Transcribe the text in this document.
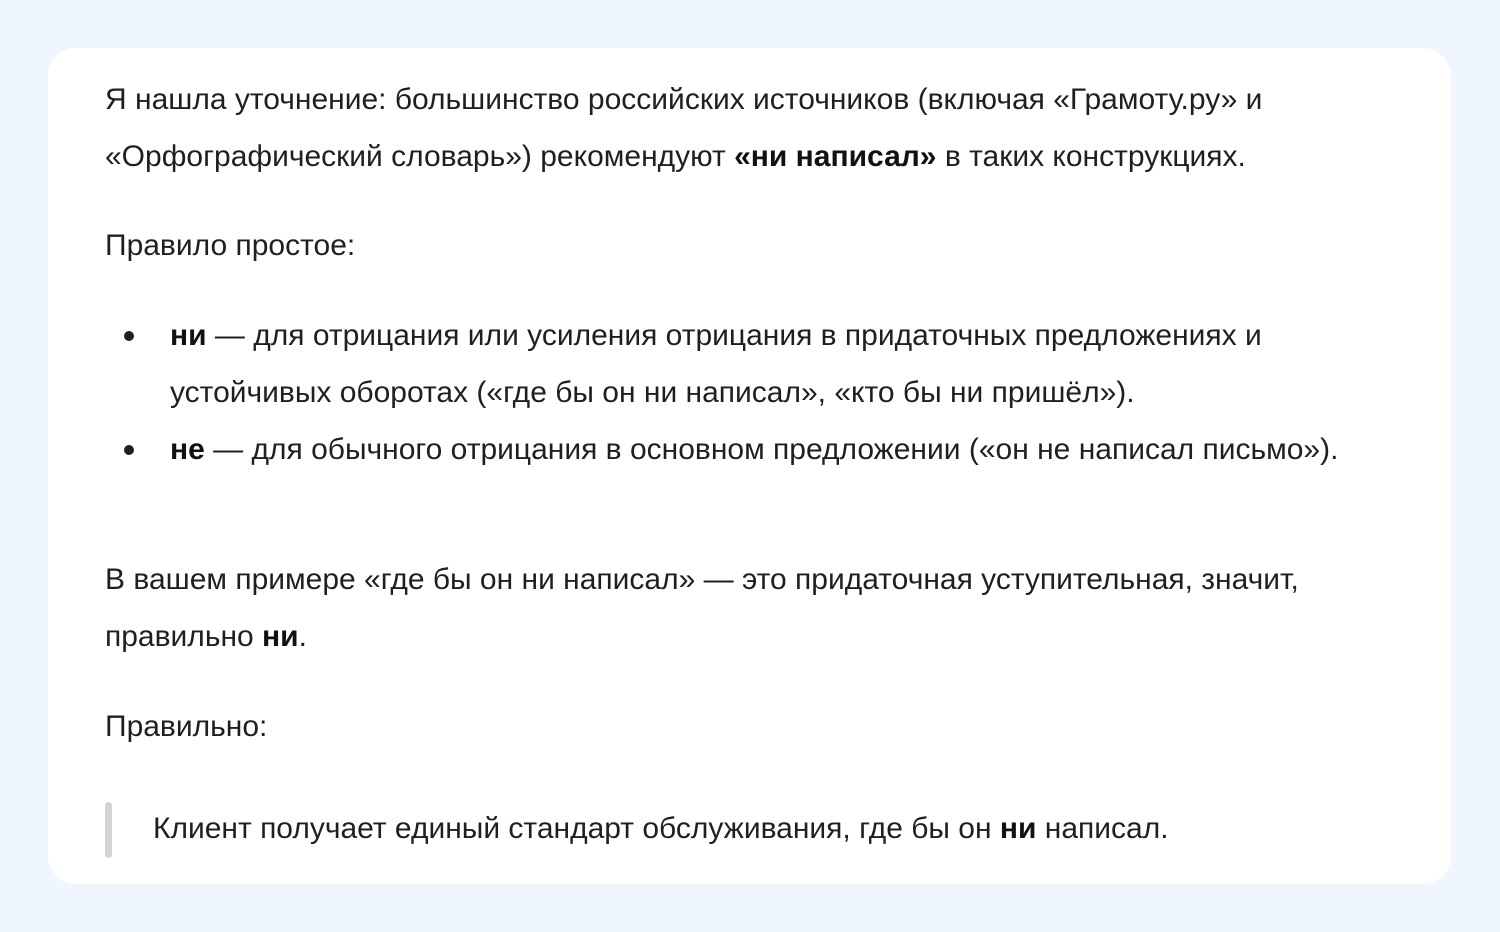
Я нашла уточнение: большинство российских источников (включая «Грамоту.ру» и «Орфографический словарь») рекомендуют «ни написал» в таких конструкциях.
Правило простое:
ни — для отрицания или усиления отрицания в придаточных предложениях и устойчивых оборотах («где бы он ни написал», «кто бы ни пришёл»).
не — для обычного отрицания в основном предложении («он не написал письмо»).
В вашем примере «где бы он ни написал» — это придаточная уступительная, значит, правильно ни.
Правильно:
Клиент получает единый стандарт обслуживания, где бы он ни написал.
